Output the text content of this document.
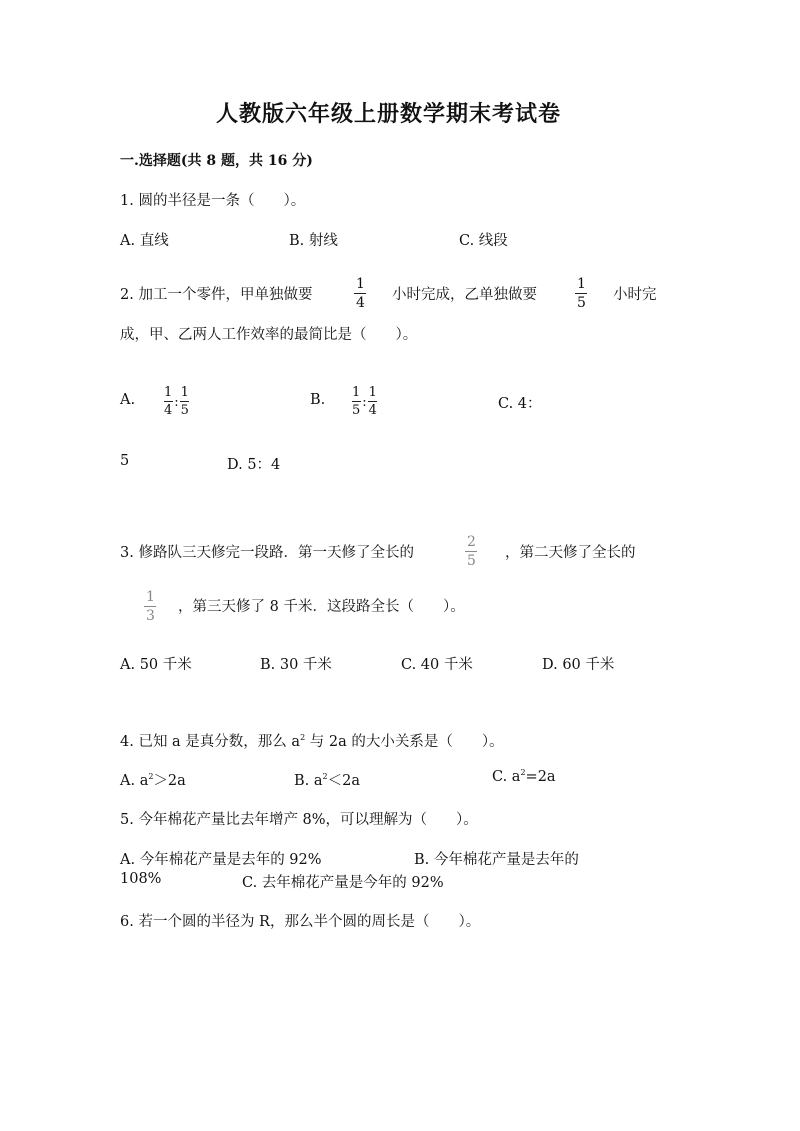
人教版六年级上册数学期末考试卷
一.选择题(共 8 题，共 16 分)
1. 圆的半径是一条（　　）。
A. 直线	B. 射线	C. 线段
2. 加工一个零件，甲单独做要
1
4 小时完成，乙单独做要
1
5 小时完
成，甲、乙两人工作效率的最简比是（　　）。
A. $\frac{1}{4}$ : $\frac{1}{5}$	B. $\frac{1}{5}$ : $\frac{1}{4}$	C. 4：
5	D. 5：4
3. 修路队三天修完一段路．第一天修了全长的
2
5 ，第二天修了全长的
1
3
，第三天修了 8 千米．这段路全长（　　）。
A. 50 千米	B. 30 千米	C. 40 千米	D. 60 千米
4. 已知 a 是真分数，那么 $a^2$ 与 2a 的大小关系是（　　）。
A. $a^2>2a$	B. $a^2<2a$	C. $a^2=2a$
5. 今年棉花产量比去年增产 8%，可以理解为（　　）。
A. 今年棉花产量是去年的 92%	B. 今年棉花产量是去年的
108%	C. 去年棉花产量是今年的 92%
6. 若一个圆的半径为 R，那么半个圆的周长是（　　）。
